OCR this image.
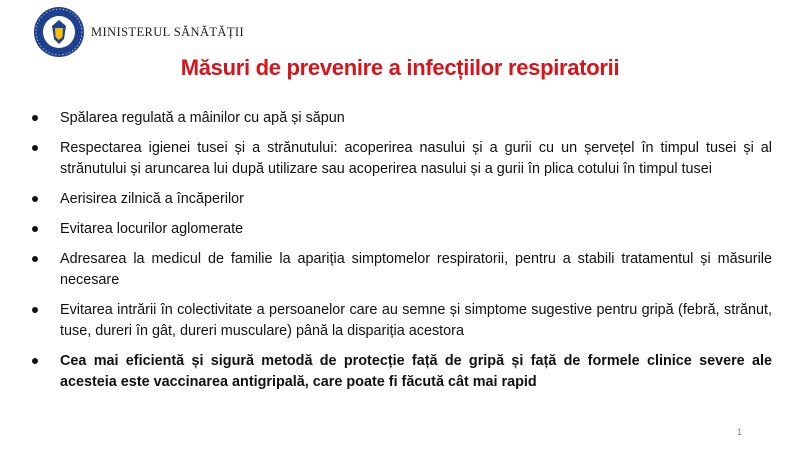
MINISTERUL SĂNĂTĂȚII
Măsuri de prevenire a infecțiilor respiratorii
Spălarea regulată a mâinilor cu apă și săpun
Respectarea igienei tusei și a strănutului: acoperirea nasului și a gurii cu un șervețel în timpul tusei și al strănutului și aruncarea lui după utilizare sau acoperirea nasului și a gurii în plica cotului în timpul tusei
Aerisirea zilnică a încăperilor
Evitarea locurilor aglomerate
Adresarea la medicul de familie la apariția simptomelor respiratorii, pentru a stabili tratamentul și măsurile necesare
Evitarea intrării în colectivitate a persoanelor care au semne și simptome sugestive pentru gripă (febră, strănut, tuse, dureri în gât, dureri musculare) până la dispariția acestora
Cea mai eficientă și sigură metodă de protecție față de gripă și față de formele clinice severe ale acesteia este vaccinarea antigripală, care poate fi făcută cât mai rapid
1
